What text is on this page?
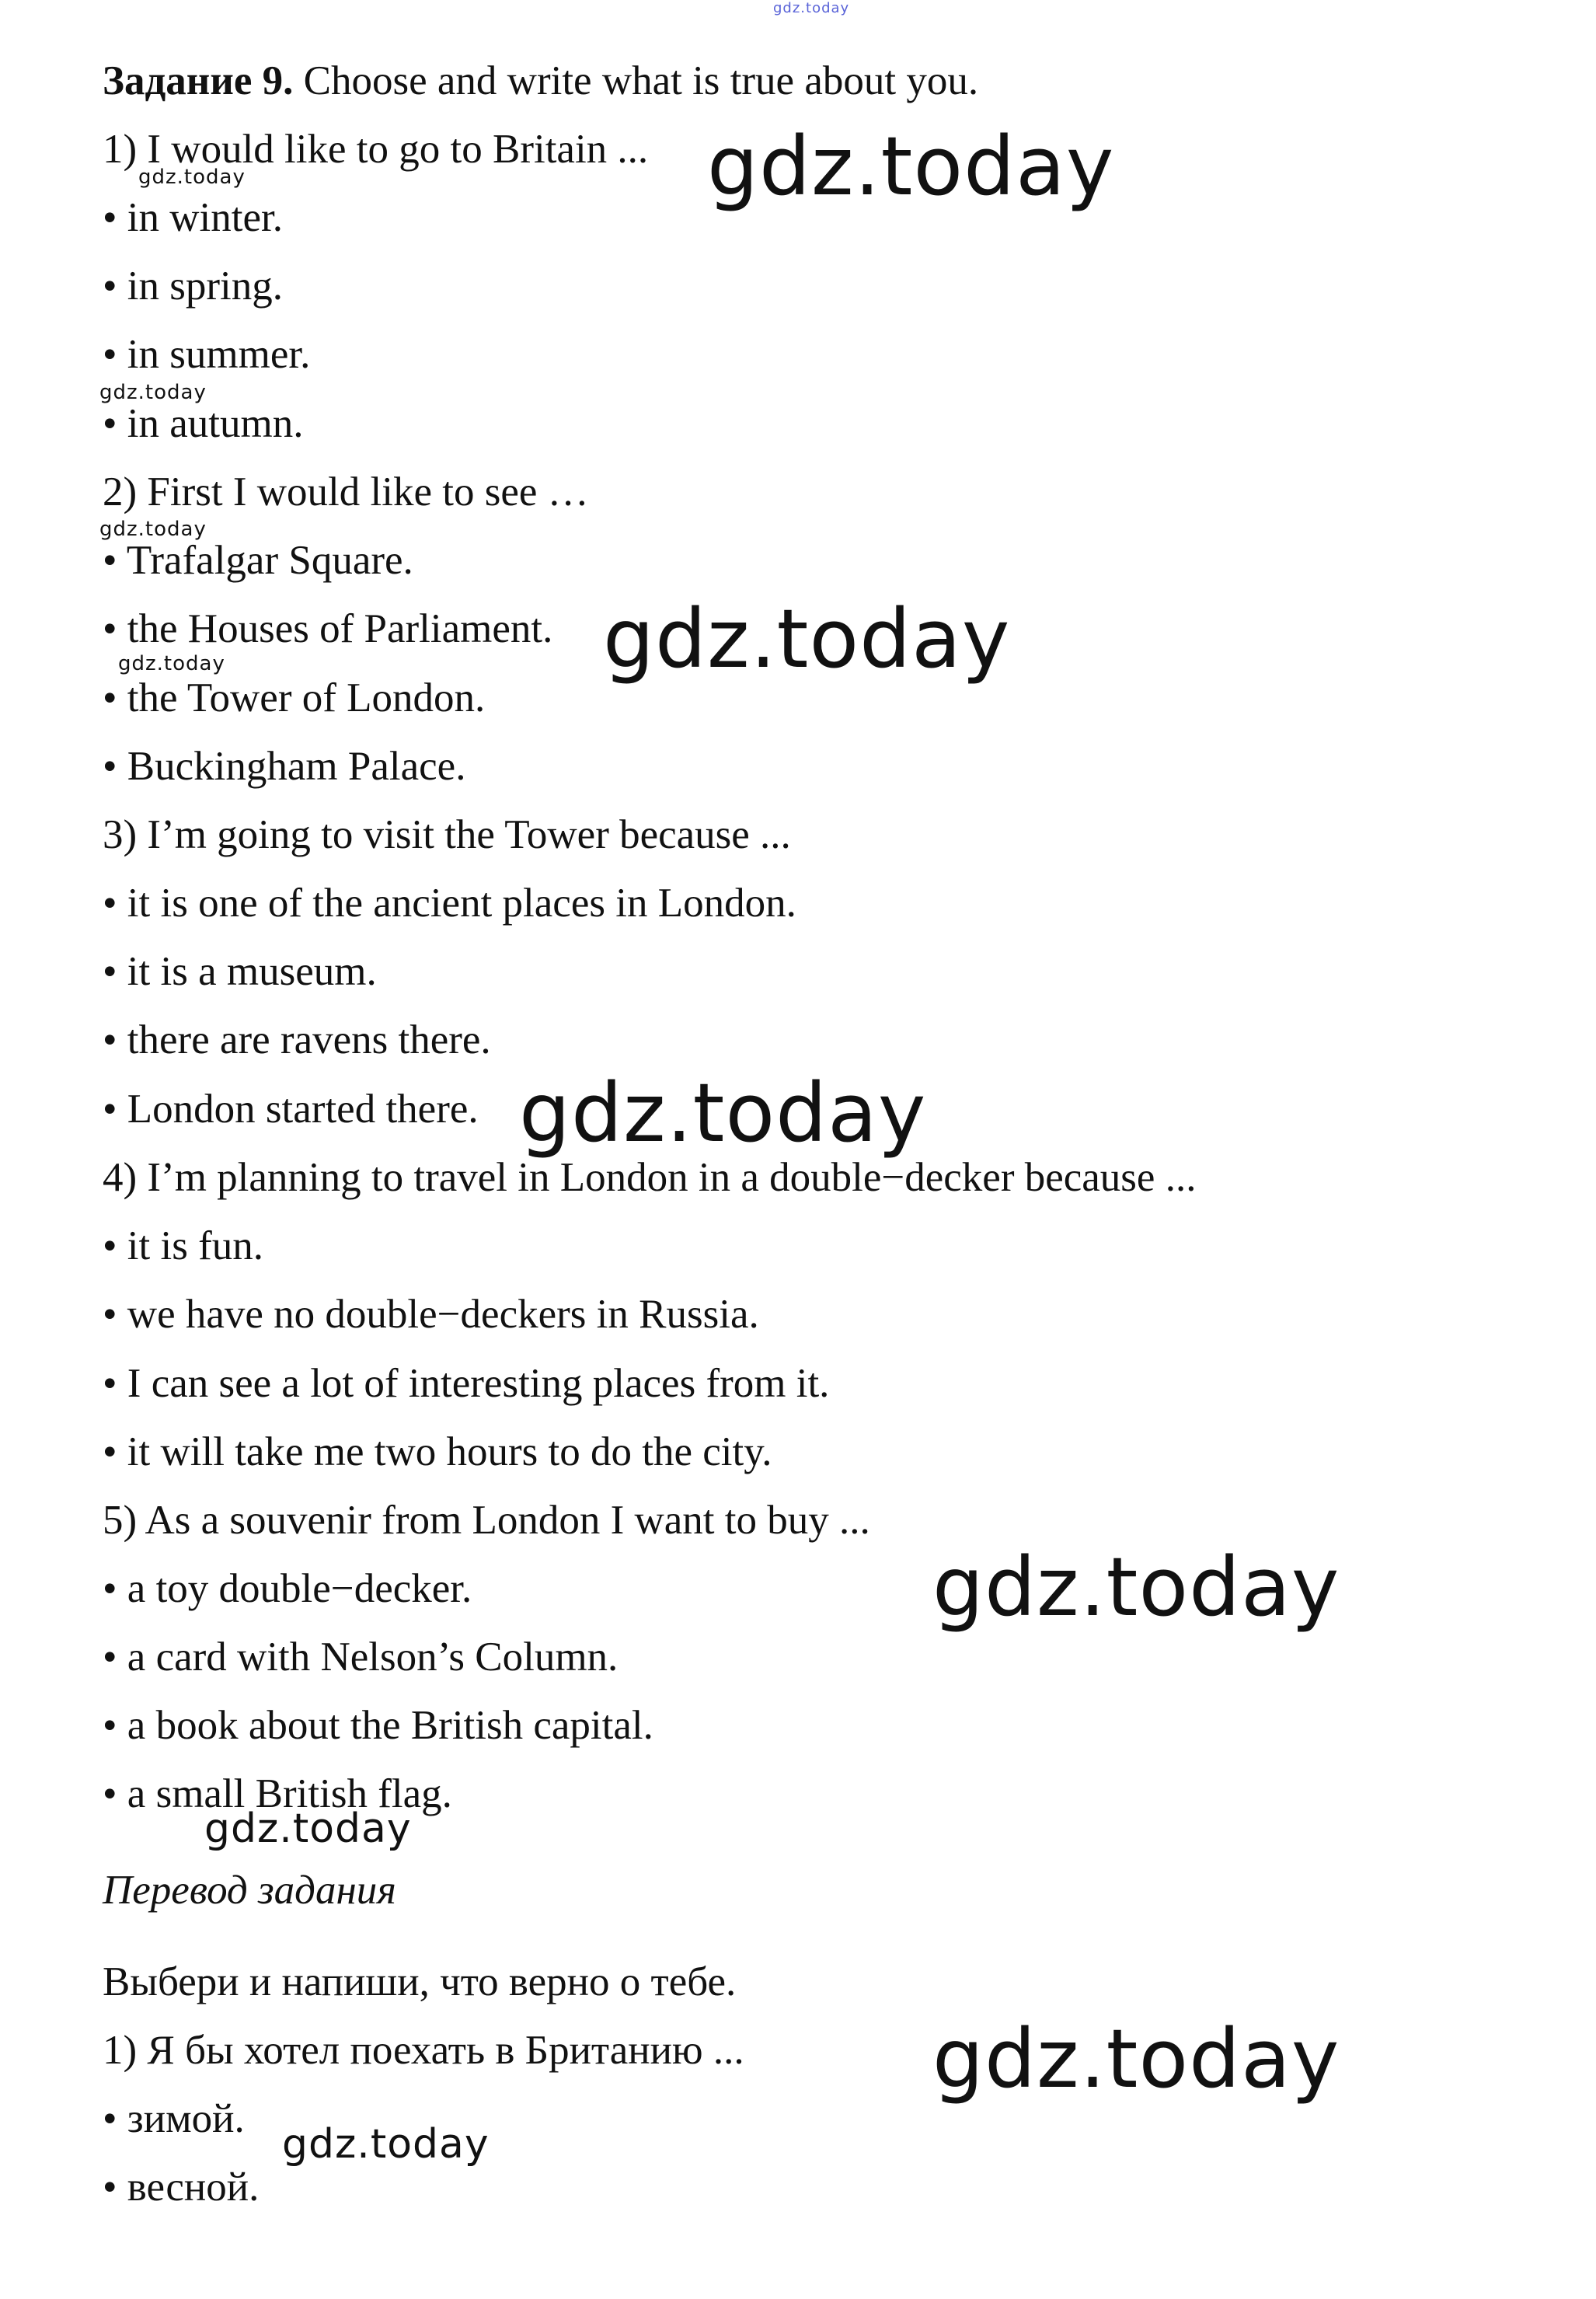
Задание 9. Choose and write what is true about you.
1) I would like to go to Britain ...
• in winter.
• in spring.
• in summer.
• in autumn.
2) First I would like to see …
• Trafalgar Square.
• the Houses of Parliament.
• the Tower of London.
• Buckingham Palace.
3) I’m going to visit the Tower because ...
• it is one of the ancient places in London.
• it is a museum.
• there are ravens there.
• London started there.
4) I’m planning to travel in London in a double−decker because ...
• it is fun.
• we have no double−deckers in Russia.
• I can see a lot of interesting places from it.
• it will take me two hours to do the city.
5) As a souvenir from London I want to buy ...
• a toy double−decker.
• a card with Nelson’s Column.
• a book about the British capital.
• a small British flag.
Перевод задания
Выбери и напиши, что верно о тебе.
1) Я бы хотел поехать в Британию ...
• зимой.
• весной.
gdz.today
gdz.today
gdz.today
gdz.today
gdz.today
gdz.today
gdz.today
gdz.today
gdz.today
gdz.today
gdz.today
gdz.today
